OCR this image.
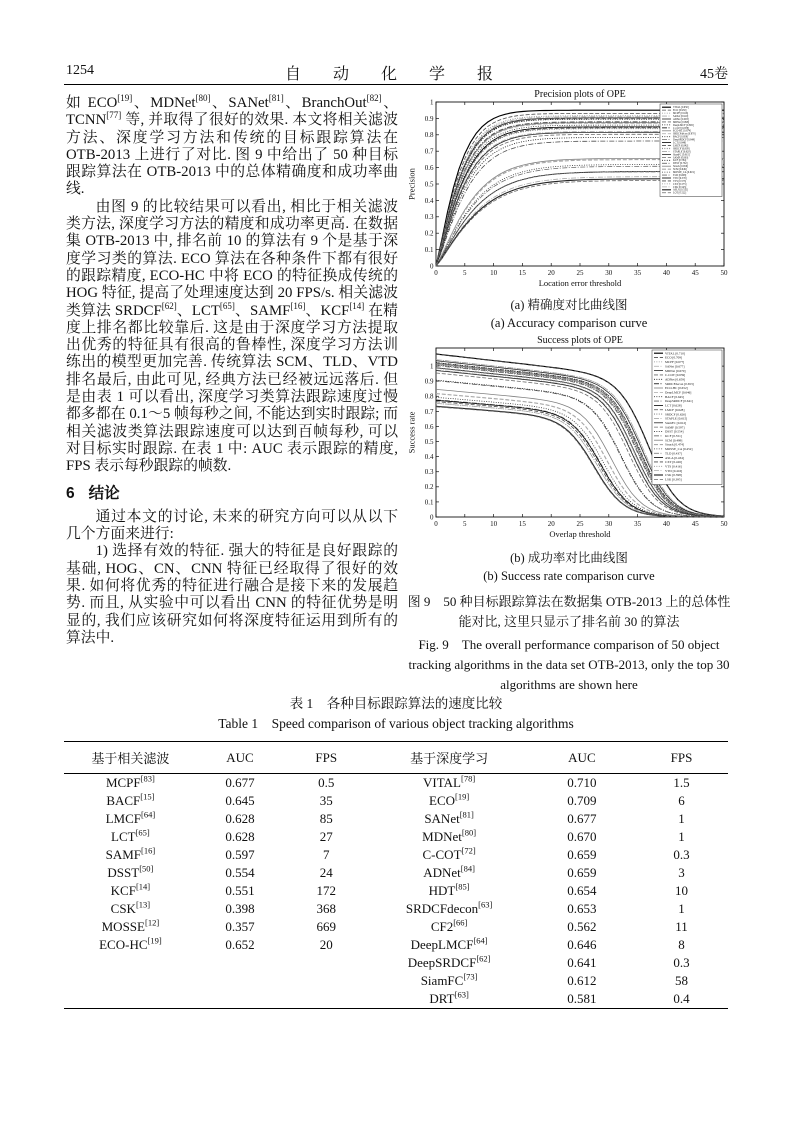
1254	自 动 化 学 报	45卷

如 ECO[19]、MDNet[80]、SANet[81]、BranchOut[82]、TCNN[77] 等, 并取得了很好的效果. 本文将相关滤波方法、深度学习方法和传统的目标跟踪算法在 OTB-2013 上进行了对比. 图 9 中给出了 50 种目标跟踪算法在 OTB-2013 中的总体精确度和成功率曲线.

由图 9 的比较结果可以看出, 相比于相关滤波类方法, 深度学习方法的精度和成功率更高. 在数据集 OTB-2013 中, 排名前 10 的算法有 9 个是基于深度学习类的算法. ECO 算法在各种条件下都有很好的跟踪精度, ECO-HC 中将 ECO 的特征换成传统的 HOG 特征, 提高了处理速度达到 20 FPS/s. 相关滤波类算法 SRDCF[62]、LCT[65]、SAMF[16]、KCF[14] 在精度上排名都比较靠后. 这是由于深度学习方法提取出优秀的特征具有很高的鲁棒性, 深度学习方法训练出的模型更加完善. 传统算法 SCM、TLD、VTD 排名最后, 由此可见, 经典方法已经被远远落后. 但是由表 1 可以看出, 深度学习类算法跟踪速度过慢都多都在 0.1～5 帧每秒之间, 不能达到实时跟踪; 而相关滤波类算法跟踪速度可以达到百帧每秒, 可以对目标实时跟踪. 在表 1 中: AUC 表示跟踪的精度, FPS 表示每秒跟踪的帧数.

6 结论

通过本文的讨论, 未来的研究方向可以从以下几个方面来进行:

1) 选择有效的特征. 强大的特征是良好跟踪的基础, HOG、CN、CNN 特征已经取得了很好的效果. 如何将优秀的特征进行融合是接下来的发展趋势. 而且, 从实验中可以看出 CNN 的特征优势是明显的, 我们应该研究如何将深度特征运用到所有的算法中.

Precision plots of OPE
0	5	10	15	20	25	30	35	40	45	50
0
0.1
0.2
0.3
0.4
0.5
0.6
0.7
0.8
0.9
1
Location error threshold
Precision
VITAL [0.950]
ECO [0.930]
MCPF [0.916]
SANet [0.910]
ADNet [0.903]
MDNet [0.898]
DeepLMCF [0.895]
C-COT [0.878]
ECO-HC [0.874]
SRDCFdecon [0.870]
BACF [0.859]
DeepSRDCF [0.849]
LCT [0.848]
LMCF [0.842]
SRDCF [0.838]
STAPLE [0.820]
SiamFC [0.815]
SAMF [0.803]
KCF [0.784]
DSST [0.762]
Struck [0.656]
SCM [0.649]
MOSSE_CA [0.619]
TLD [0.608]
VTD [0.576]
VTS [0.575]
CXT [0.575]
CSK [0.545]
ASLA [0.532]
LOT [0.522]
(a) 精确度对比曲线图
(a) Accuracy comparison curve
Success plots of OPE
0	5	10	15	20	25	30	35	40	45	50
0
0.1
0.2
0.3
0.4
0.5
0.6
0.7
0.8
0.9
1
Overlap threshold
Success rate
VITAL [0.710]
ECO [0.709]
MCPF [0.677]
SANet [0.677]
MDNet [0.670]
C-COT [0.659]
ADNet [0.659]
SRDCFdecon [0.653]
ECO-HC [0.652]
DeepLMCF [0.646]
BACF [0.645]
DeepSRDCF [0.641]
LCT [0.628]
LMCF [0.628]
SRDCF [0.626]
STAPLE [0.615]
SiamFC [0.612]
SAMF [0.597]
DSST [0.554]
KCF [0.551]
SCM [0.499]
Struck [0.474]
MOSSE_CA [0.452]
TLD [0.437]
ASLA [0.434]
CXT [0.426]
VTS [0.416]
VTD [0.416]
CSK [0.398]
LSK [0.395]
(b) 成功率对比曲线图
(b) Success rate comparison curve
图 9　50 种目标跟踪算法在数据集 OTB-2013 上的总体性能对比, 这里只显示了排名前 30 的算法
Fig. 9　The overall performance comparison of 50 object tracking algorithms in the data set OTB-2013, only the top 30 algorithms are shown here
表 1　各种目标跟踪算法的速度比较
Table 1　Speed comparison of various object tracking algorithms
基于相关滤波	AUC	FPS	基于深度学习	AUC	FPS
MCPF[83]	0.677	0.5	VITAL[78]	0.710	1.5
BACF[15]	0.645	35	ECO[19]	0.709	6
LMCF[64]	0.628	85	SANet[81]	0.677	1
LCT[65]	0.628	27	MDNet[80]	0.670	1
SAMF[16]	0.597	7	C-COT[72]	0.659	0.3
DSST[50]	0.554	24	ADNet[84]	0.659	3
KCF[14]	0.551	172	HDT[85]	0.654	10
CSK[13]	0.398	368	SRDCFdecon[63]	0.653	1
MOSSE[12]	0.357	669	CF2[66]	0.562	11
ECO-HC[19]	0.652	20	DeepLMCF[64]	0.646	8
			DeepSRDCF[62]	0.641	0.3
			SiamFC[73]	0.612	58
			DRT[63]	0.581	0.4
